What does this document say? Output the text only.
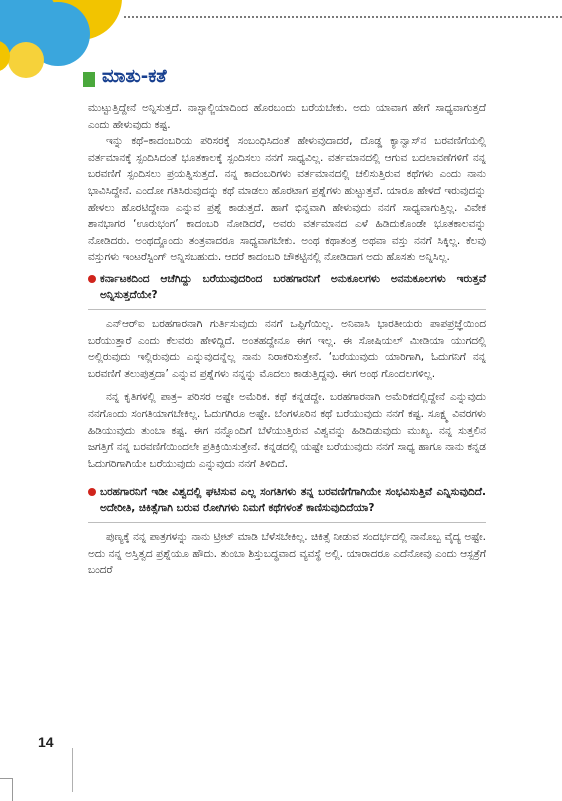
ಮಾತು-ಕತೆ

ಮುಟ್ಟುತ್ತಿದ್ದೇನೆ ಅನ್ನಿಸುತ್ತದೆ. ನಾಸ್ಟಾಲ್ಜಿಯಾದಿಂದ ಹೊರಬಂದು ಬರೆಯಬೇಕು. ಅದು ಯಾವಾಗ ಹೇಗೆ ಸಾಧ್ಯವಾಗುತ್ತದೆ ಎಂದು ಹೇಳುವುದು ಕಷ್ಟ.

ಇನ್ನು ಕಥೆ–ಕಾದಂಬರಿಯ ಪರಿಸರಕ್ಕೆ ಸಂಬಂಧಿಸಿದಂತೆ ಹೇಳುವುದಾದರೆ, ದೊಡ್ಡ ಕ್ಯಾನ್ವಾಸ್‌ನ ಬರವಣಿಗೆಯಲ್ಲಿ ವರ್ತಮಾನಕ್ಕೆ ಸ್ಪಂದಿಸಿದಂತೆ ಭೂತಕಾಲಕ್ಕೆ ಸ್ಪಂದಿಸಲು ನನಗೆ ಸಾಧ್ಯವಿಲ್ಲ. ವರ್ತಮಾನದಲ್ಲಿ ಆಗುವ ಬದಲಾವಣೆಗಳಿಗೆ ನನ್ನ ಬರವಣಿಗೆ ಸ್ಪಂದಿಸಲು ಪ್ರಯತ್ನಿಸುತ್ತದೆ. ನನ್ನ ಕಾದಂಬರಿಗಳು ವರ್ತಮಾನದಲ್ಲಿ ಚಲಿಸುತ್ತಿರುವ ಕಥೆಗಳು ಎಂದು ನಾನು ಭಾವಿಸಿದ್ದೇನೆ. ಎಂದೋ ಗತಿಸಿರುವುದನ್ನು ಕಥೆ ಮಾಡಲು ಹೊರಟಾಗ ಪ್ರಶ್ನೆಗಳು ಹುಟ್ಟುತ್ತವೆ. ಯಾರೂ ಹೇಳದೆ ಇರುವುದನ್ನು ಹೇಳಲು ಹೊರಟಿದ್ದೇನಾ ಎನ್ನುವ ಪ್ರಶ್ನೆ ಕಾಡುತ್ತದೆ. ಹಾಗೆ ಭಿನ್ನವಾಗಿ ಹೇಳುವುದು ನನಗೆ ಸಾಧ್ಯವಾಗುತ್ತಿಲ್ಲ. ವಿವೇಕ ಶಾನಭಾಗರ ‘ಊರುಭಂಗ’ ಕಾದಂಬರಿ ನೋಡಿದರೆ, ಅವರು ವರ್ತಮಾನದ ಎಳೆ ಹಿಡಿದುಕೊಂಡೇ ಭೂತಕಾಲವನ್ನು ನೋಡಿದರು. ಅಂಥದ್ದೊಂದು ತಂತ್ರವಾದರೂ ಸಾಧ್ಯವಾಗಬೇಕು. ಅಂಥ ಕಥಾತಂತ್ರ ಅಥವಾ ವಸ್ತು ನನಗೆ ಸಿಕ್ಕಿಲ್ಲ. ಕೆಲವು ವಸ್ತುಗಳು ಇಂಟರೆಸ್ಟಿಂಗ್ ಅನ್ನಿಸಬಹುದು. ಆದರೆ ಕಾದಂಬರಿ ಚೌಕಟ್ಟಿನಲ್ಲಿ ನೋಡಿದಾಗ ಅದು ಹೊಸತು ಅನ್ನಿಸಿಲ್ಲ.

ಕರ್ನಾಟಕದಿಂದ ಆಚೆಗಿದ್ದು ಬರೆಯುವುದರಿಂದ ಬರಹಗಾರನಿಗೆ ಅನುಕೂಲಗಳು ಅನನುಕೂಲಗಳು ಇರುತ್ತವೆ ಅನ್ನಿಸುತ್ತದೆಯೇ?

ಎನ್‌ಆರ್‌ಐ ಬರಹಗಾರನಾಗಿ ಗುರ್ತಿಸುವುದು ನನಗೆ ಒಪ್ಪಿಗೆಯಿಲ್ಲ. ಅನಿವಾಸಿ ಭಾರತೀಯರು ಪಾಪಪ್ರಜ್ಞೆಯಿಂದ ಬರೆಯುತ್ತಾರೆ ಎಂದು ಕೆಲವರು ಹೇಳಿದ್ದಿದೆ. ಅಂತಹದ್ದೇನೂ ಈಗ ಇಲ್ಲ. ಈ ಸೋಷಿಯಲ್ ಮೀಡಿಯಾ ಯುಗದಲ್ಲಿ ಅಲ್ಲಿರುವುದು ಇಲ್ಲಿರುವುದು ಎನ್ನುವುದನ್ನೆಲ್ಲ ನಾನು ನಿರಾಕರಿಸುತ್ತೇನೆ. ‘ಬರೆಯುವುದು ಯಾರಿಗಾಗಿ, ಓದುಗನಿಗೆ ನನ್ನ ಬರವಣಿಗೆ ತಲುಪುತ್ತದಾ’ ಎನ್ನುವ ಪ್ರಶ್ನೆಗಳು ನನ್ನನ್ನು ಮೊದಲು ಕಾಡುತ್ತಿದ್ದವು. ಈಗ ಅಂಥ ಗೊಂದಲಗಳಿಲ್ಲ.

ನನ್ನ ಕೃತಿಗಳಲ್ಲಿ ಪಾತ್ರ– ಪರಿಸರ ಅಷ್ಟೇ ಅಮೆರಿಕ. ಕಥೆ ಕನ್ನಡದ್ದೇ. ಬರಹಗಾರನಾಗಿ ಅಮೆರಿಕದಲ್ಲಿದ್ದೇನೆ ಎನ್ನುವುದು ನನಗೊಂದು ಸಂಗತಿಯಾಗಬೇಕಿಲ್ಲ. ಓದುಗಗಿರೂ ಅಷ್ಟೇ. ಬೆಂಗಳೂರಿನ ಕಥೆ ಬರೆಯುವುದು ನನಗೆ ಕಷ್ಟ. ಸೂಕ್ಷ್ಮ ವಿವರಗಳು ಹಿಡಿಯುವುದು ತುಂಬಾ ಕಷ್ಟ. ಈಗ ನನ್ನೊಂದಿಗೆ ಬೆಳೆಯುತ್ತಿರುವ ವಿಶ್ವವನ್ನು ಹಿಡಿದಿಡುವುದು ಮುಖ್ಯ. ನನ್ನ ಸುತ್ತಲಿನ ಜಗತ್ತಿಗೆ ನನ್ನ ಬರವಣಿಗೆಯಿಂದಲೇ ಪ್ರತಿಕ್ರಿಯಿಸುತ್ತೇನೆ. ಕನ್ನಡದಲ್ಲಿ ಯಷ್ಟೇ ಬರೆಯುವುದು ನನಗೆ ಸಾಧ್ಯ ಹಾಗೂ ನಾನು ಕನ್ನಡ ಓದುಗರಿಗಾಗಿಯೇ ಬರೆಯುವುದು ಎನ್ನುವುದು ನನಗೆ ತಿಳಿದಿದೆ.

ಬರಹಗಾರನಿಗೆ ಇಡೀ ವಿಶ್ವದಲ್ಲಿ ಘಟಿಸುವ ಎಲ್ಲ ಸಂಗತಿಗಳು ತನ್ನ ಬರವಣಿಗೆಗಾಗಿಯೇ ಸಂಭವಿಸುತ್ತಿವೆ ಎನ್ನಿಸುವುದಿದೆ. ಅದೇರೀತಿ, ಚಿಕಿತ್ಸೆಗಾಗಿ ಬರುವ ರೋಗಿಗಳು ನಿಮಗೆ ಕಥೆಗಳಂತೆ ಕಾಣಿಸುವುದಿದೆಯಾ?

ಪುಣ್ಯಕ್ಕೆ ನನ್ನ ಪಾತ್ರಗಳನ್ನು ನಾನು ಟ್ರೀಟ್ ಮಾಡಿ ಬೆಳೆಸಬೇಕಿಲ್ಲ. ಚಿಕಿತ್ಸೆ ನೀಡುವ ಸಂದರ್ಭದಲ್ಲಿ ನಾನೊಬ್ಬ ವೈದ್ಯ ಅಷ್ಟೇ. ಅದು ನನ್ನ ಅಸ್ತಿತ್ವದ ಪ್ರಶ್ನೆಯೂ ಹೌದು. ತುಂಬಾ ಶಿಸ್ತುಬದ್ಧವಾದ ವ್ಯವಸ್ಥೆ ಅಲ್ಲಿ. ಯಾರಾದರೂ ಎದೆನೋವು ಎಂದು ಆಸ್ಪತ್ರೆಗೆ ಬಂದರೆ

14
